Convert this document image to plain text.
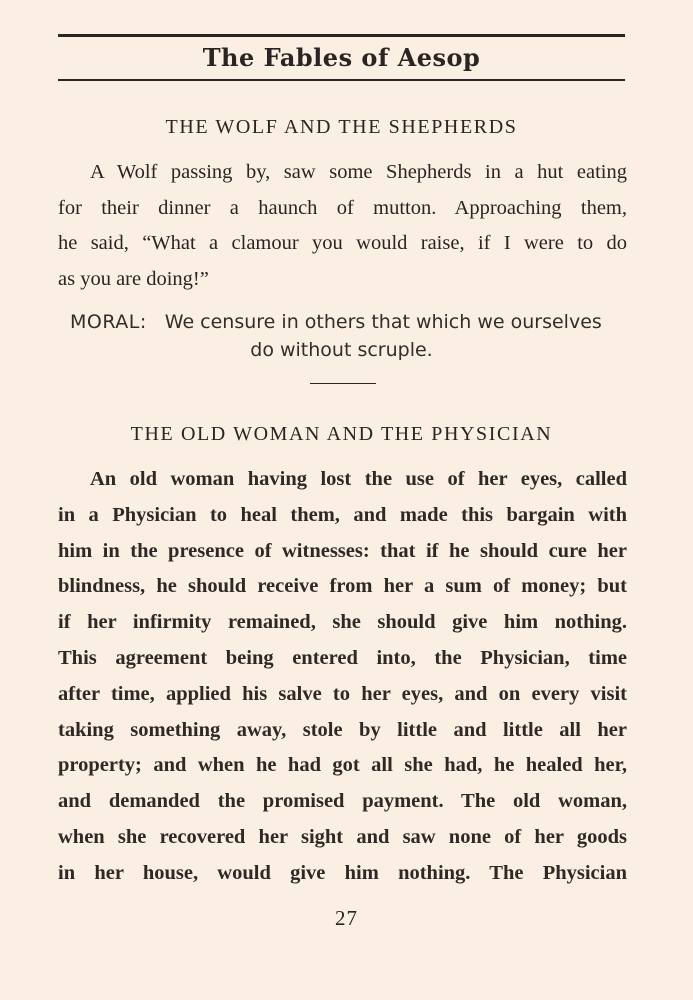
The Fables of Aesop
THE WOLF AND THE SHEPHERDS

A Wolf passing by, saw some Shepherds in a hut eating
for their dinner a haunch of mutton. Approaching them,
he said, “What a clamour you would raise, if I were to do
as you are doing!”

MORAL: We censure in others that which we ourselves
do without scruple.
THE OLD WOMAN AND THE PHYSICIAN

An old woman having lost the use of her eyes, called
in a Physician to heal them, and made this bargain with
him in the presence of witnesses: that if he should cure her
blindness, he should receive from her a sum of money; but
if her infirmity remained, she should give him nothing.
This agreement being entered into, the Physician, time
after time, applied his salve to her eyes, and on every visit
taking something away, stole by little and little all her
property; and when he had got all she had, he healed her,
and demanded the promised payment. The old woman,
when she recovered her sight and saw none of her goods
in her house, would give him nothing. The Physician

27
